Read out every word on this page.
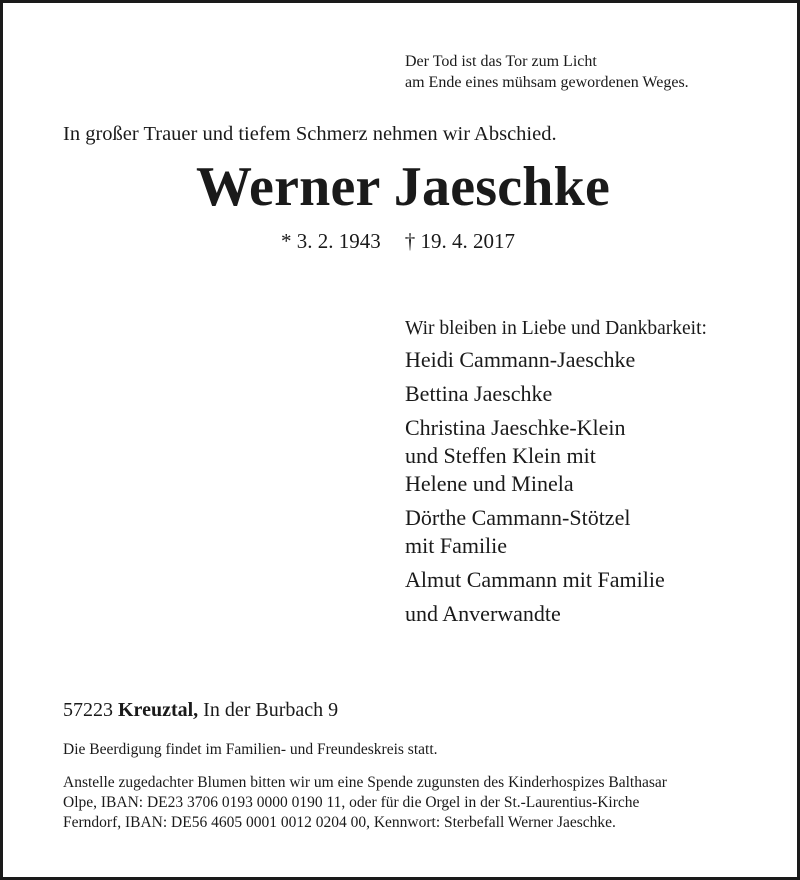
Der Tod ist das Tor zum Licht
am Ende eines mühsam gewordenen Weges.
In großer Trauer und tiefem Schmerz nehmen wir Abschied.
Werner Jaeschke
* 3. 2. 1943 † 19. 4. 2017
Wir bleiben in Liebe und Dankbarkeit:
Heidi Cammann-Jaeschke
Bettina Jaeschke
Christina Jaeschke-Klein
und Steffen Klein mit
Helene und Minela
Dörthe Cammann-Stötzel
mit Familie
Almut Cammann mit Familie
und Anverwandte
57223 Kreuztal, In der Burbach 9
Die Beerdigung findet im Familien- und Freundeskreis statt.
Anstelle zugedachter Blumen bitten wir um eine Spende zugunsten des Kinderhospizes Balthasar
Olpe, IBAN: DE23 3706 0193 0000 0190 11, oder für die Orgel in der St.-Laurentius-Kirche
Ferndorf, IBAN: DE56 4605 0001 0012 0204 00, Kennwort: Sterbefall Werner Jaeschke.
